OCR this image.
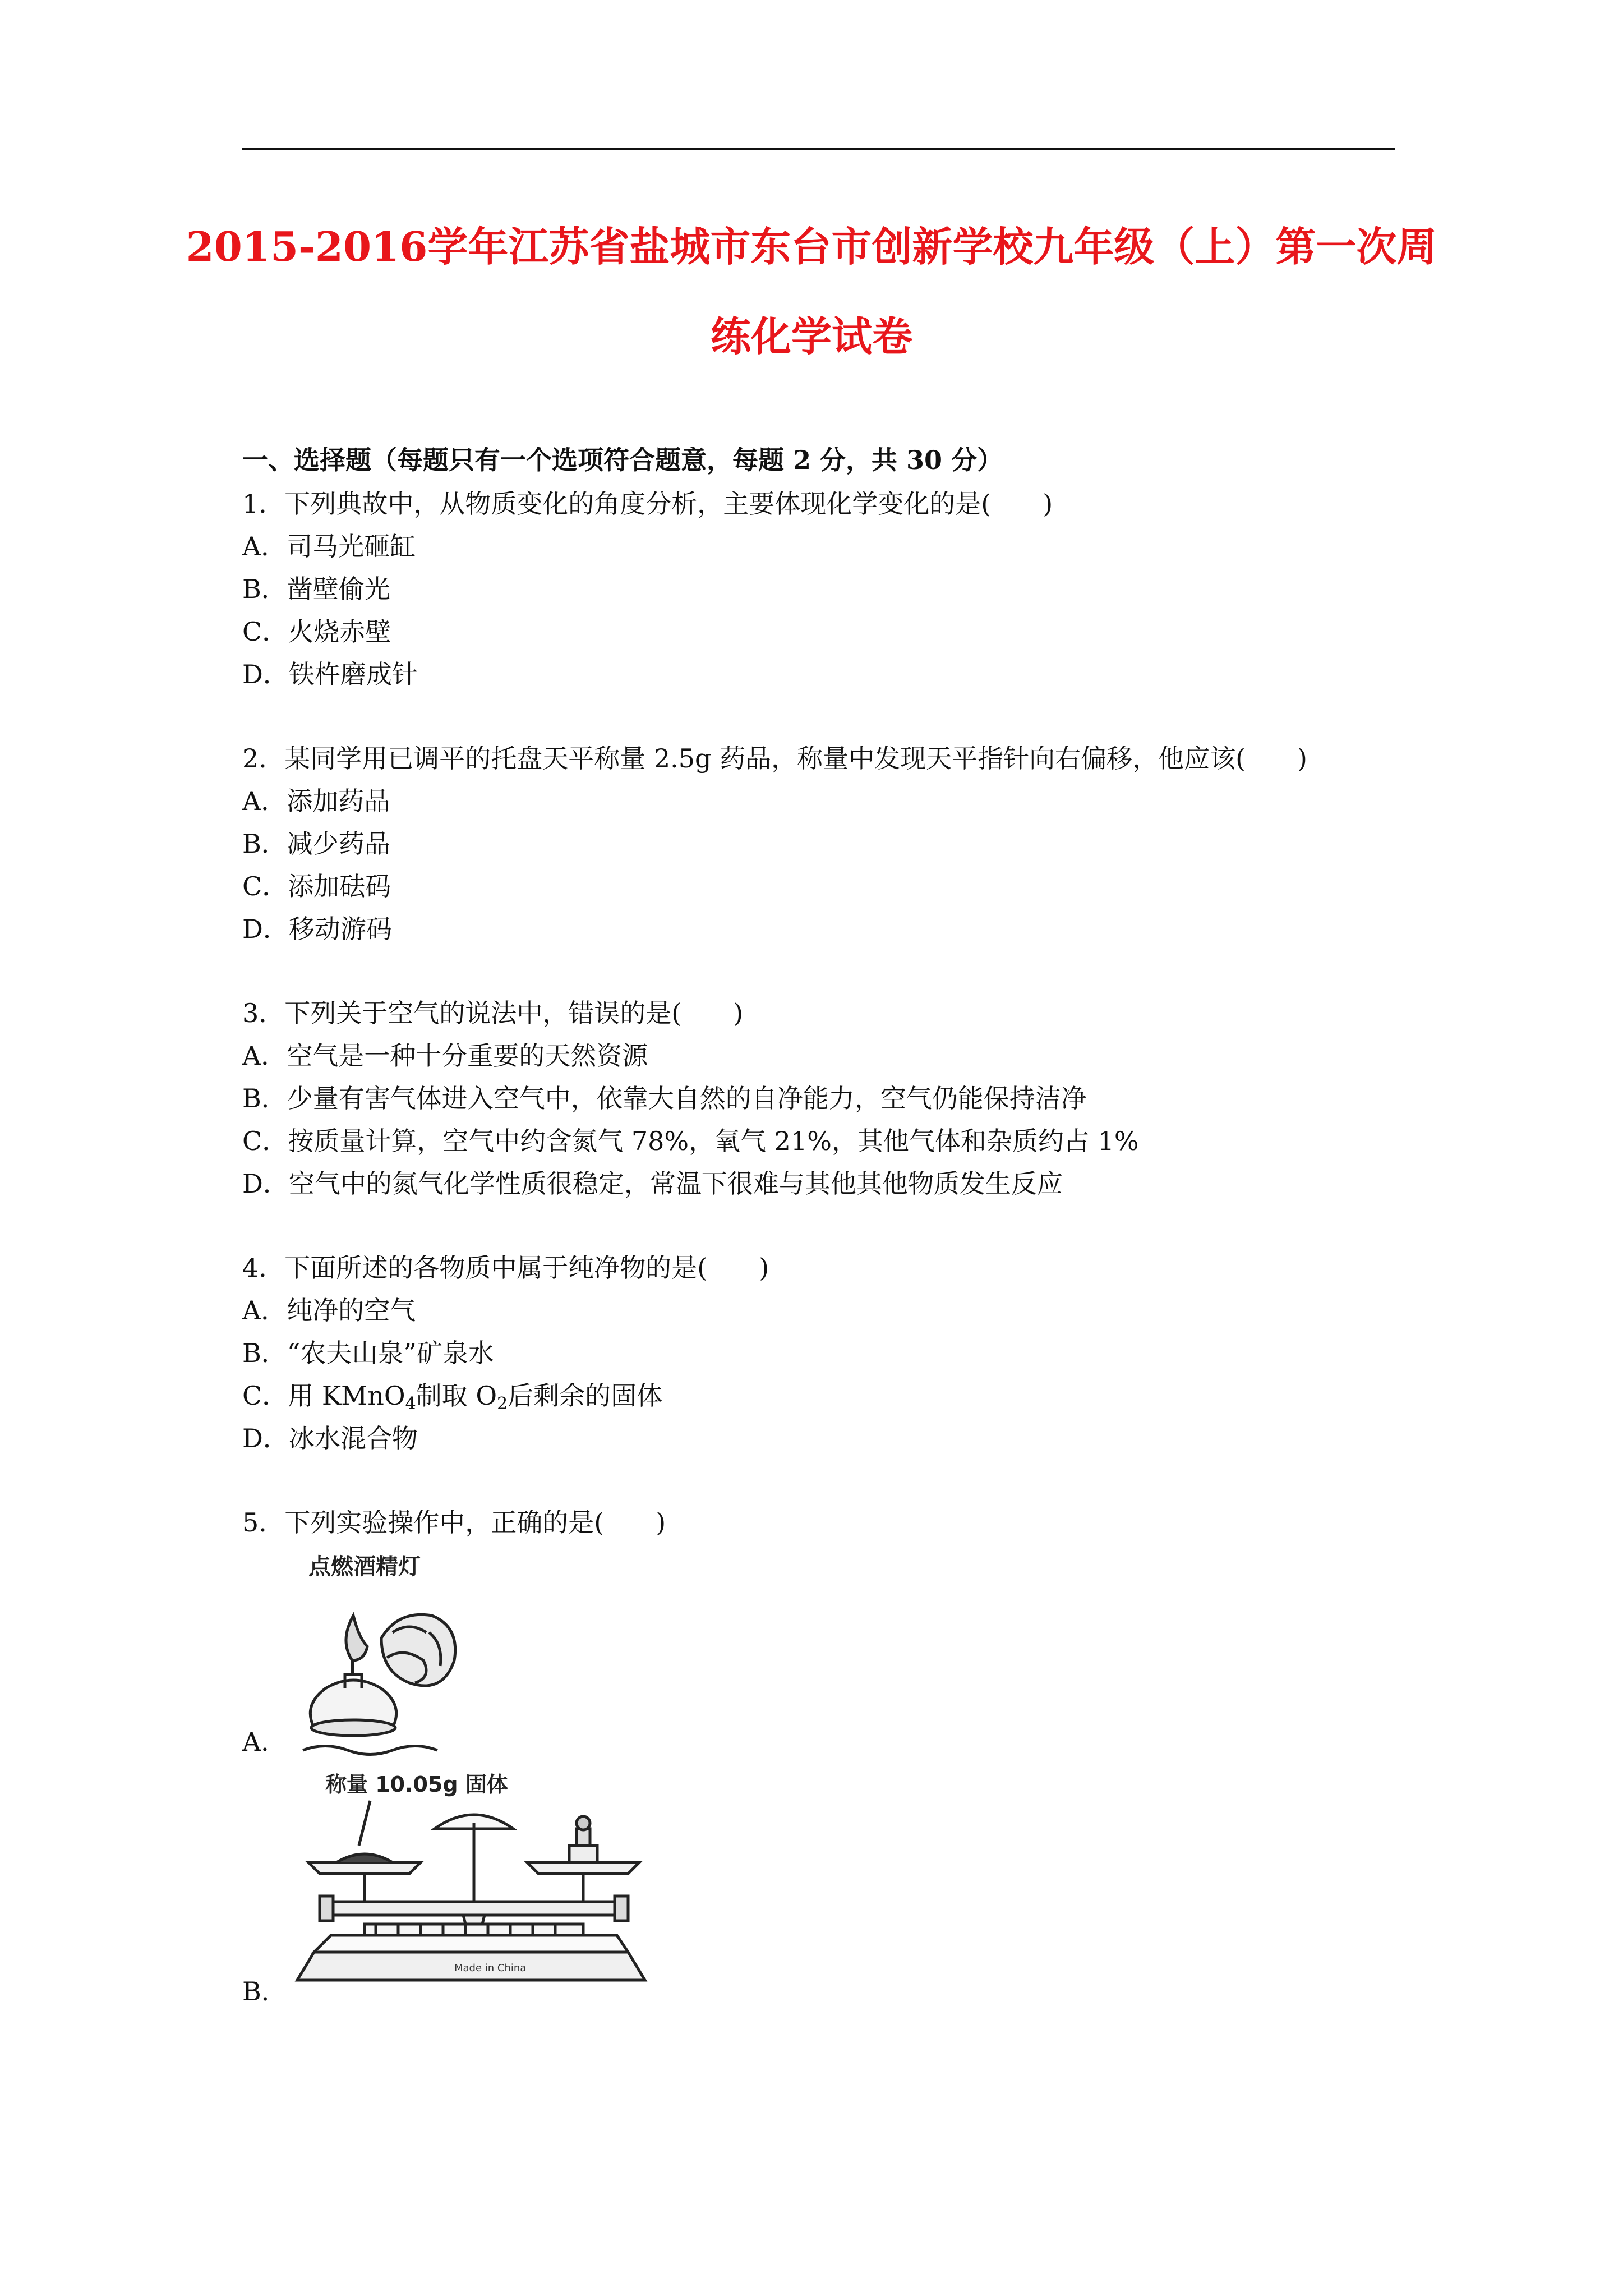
2015-2016学年江苏省盐城市东台市创新学校九年级（上）第一次周
练化学试卷
一、选择题（每题只有一个选项符合题意，每题 2 分，共 30 分）
1．下列典故中，从物质变化的角度分析，主要体现化学变化的是(　　)
A．司马光砸缸
B．凿壁偷光
C．火烧赤壁
D．铁杵磨成针
2．某同学用已调平的托盘天平称量 2.5g 药品，称量中发现天平指针向右偏移，他应该(　　)
A．添加药品
B．减少药品
C．添加砝码
D．移动游码
3．下列关于空气的说法中，错误的是(　　)
A．空气是一种十分重要的天然资源
B．少量有害气体进入空气中，依靠大自然的自净能力，空气仍能保持洁净
C．按质量计算，空气中约含氮气 78%，氧气 21%，其他气体和杂质约占 1%
D．空气中的氮气化学性质很稳定，常温下很难与其他其他物质发生反应
4．下面所述的各物质中属于纯净物的是(　　)
A．纯净的空气
B．“农夫山泉”矿泉水
C．用 KMnO$_4$制取 $O_2$后剩余的固体
D．冰水混合物
5．下列实验操作中，正确的是(　　)
点燃酒精灯
A．
称量 10.05g 固体
Made in China
B．
